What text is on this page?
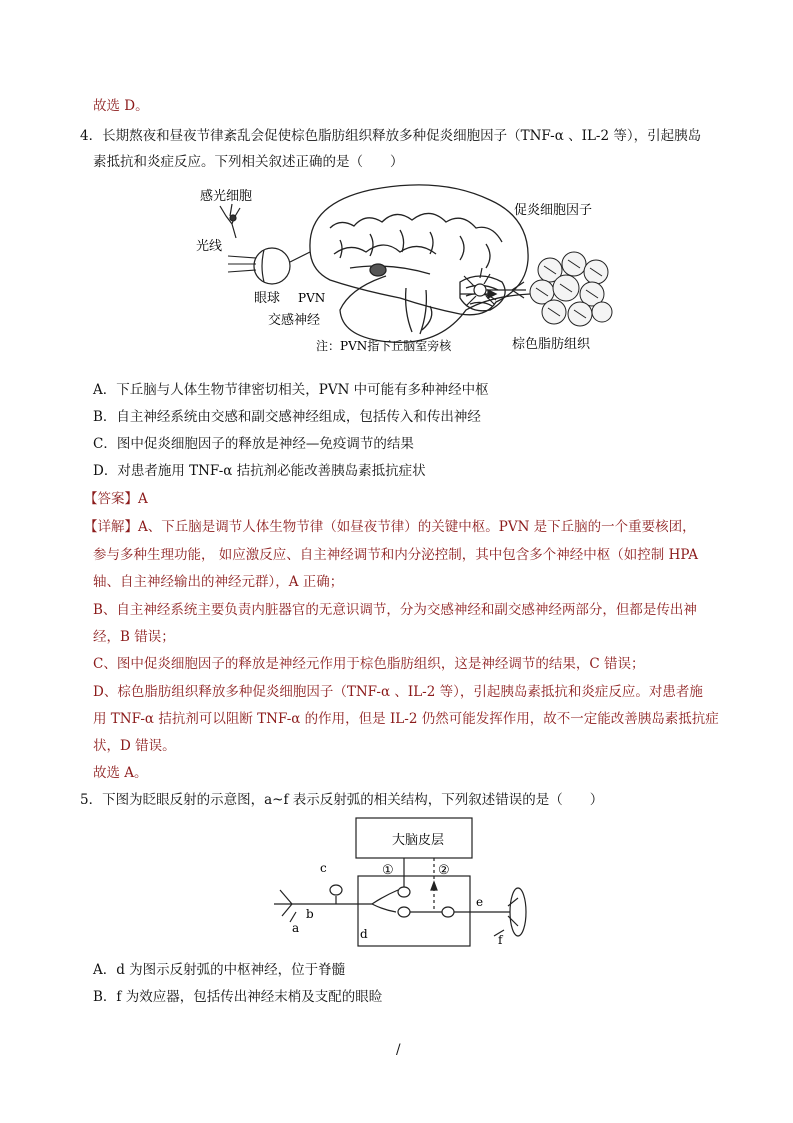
故选 D。
4．长期熬夜和昼夜节律紊乱会促使棕色脂肪组织释放多种促炎细胞因子（TNF-α 、IL-2 等），引起胰岛
素抵抗和炎症反应。下列相关叙述正确的是（　　）
感光细胞
光线
眼球 PVN
交感神经
促炎细胞因子
棕色脂肪组织
注：PVN指下丘脑室旁核
A．下丘脑与人体生物节律密切相关，PVN 中可能有多种神经中枢
B．自主神经系统由交感和副交感神经组成，包括传入和传出神经
C．图中促炎细胞因子的释放是神经—免疫调节的结果
D．对患者施用 TNF-α 拮抗剂必能改善胰岛素抵抗症状
【答案】A
【详解】A、下丘脑是调节人体生物节律（如昼夜节律）的关键中枢。PVN 是下丘脑的一个重要核团，
参与多种生理功能， 如应激反应、自主神经调节和内分泌控制，其中包含多个神经中枢（如控制 HPA
轴、自主神经输出的神经元群），A 正确；
B、自主神经系统主要负责内脏器官的无意识调节，分为交感神经和副交感神经两部分，但都是传出神
经，B 错误；
C、图中促炎细胞因子的释放是神经元作用于棕色脂肪组织，这是神经调节的结果，C 错误；
D、棕色脂肪组织释放多种促炎细胞因子（TNF-α 、IL-2 等），引起胰岛素抵抗和炎症反应。对患者施
用 TNF-α 拮抗剂可以阻断 TNF-α 的作用，但是 IL-2 仍然可能发挥作用，故不一定能改善胰岛素抵抗症
状，D 错误。
故选 A。
5．下图为眨眼反射的示意图，a~f 表示反射弧的相关结构，下列叙述错误的是（　　）
大脑皮层
①	②
a
b
c
d
e
f
A．d 为图示反射弧的中枢神经，位于脊髓
B．f 为效应器，包括传出神经末梢及支配的眼睑
/
